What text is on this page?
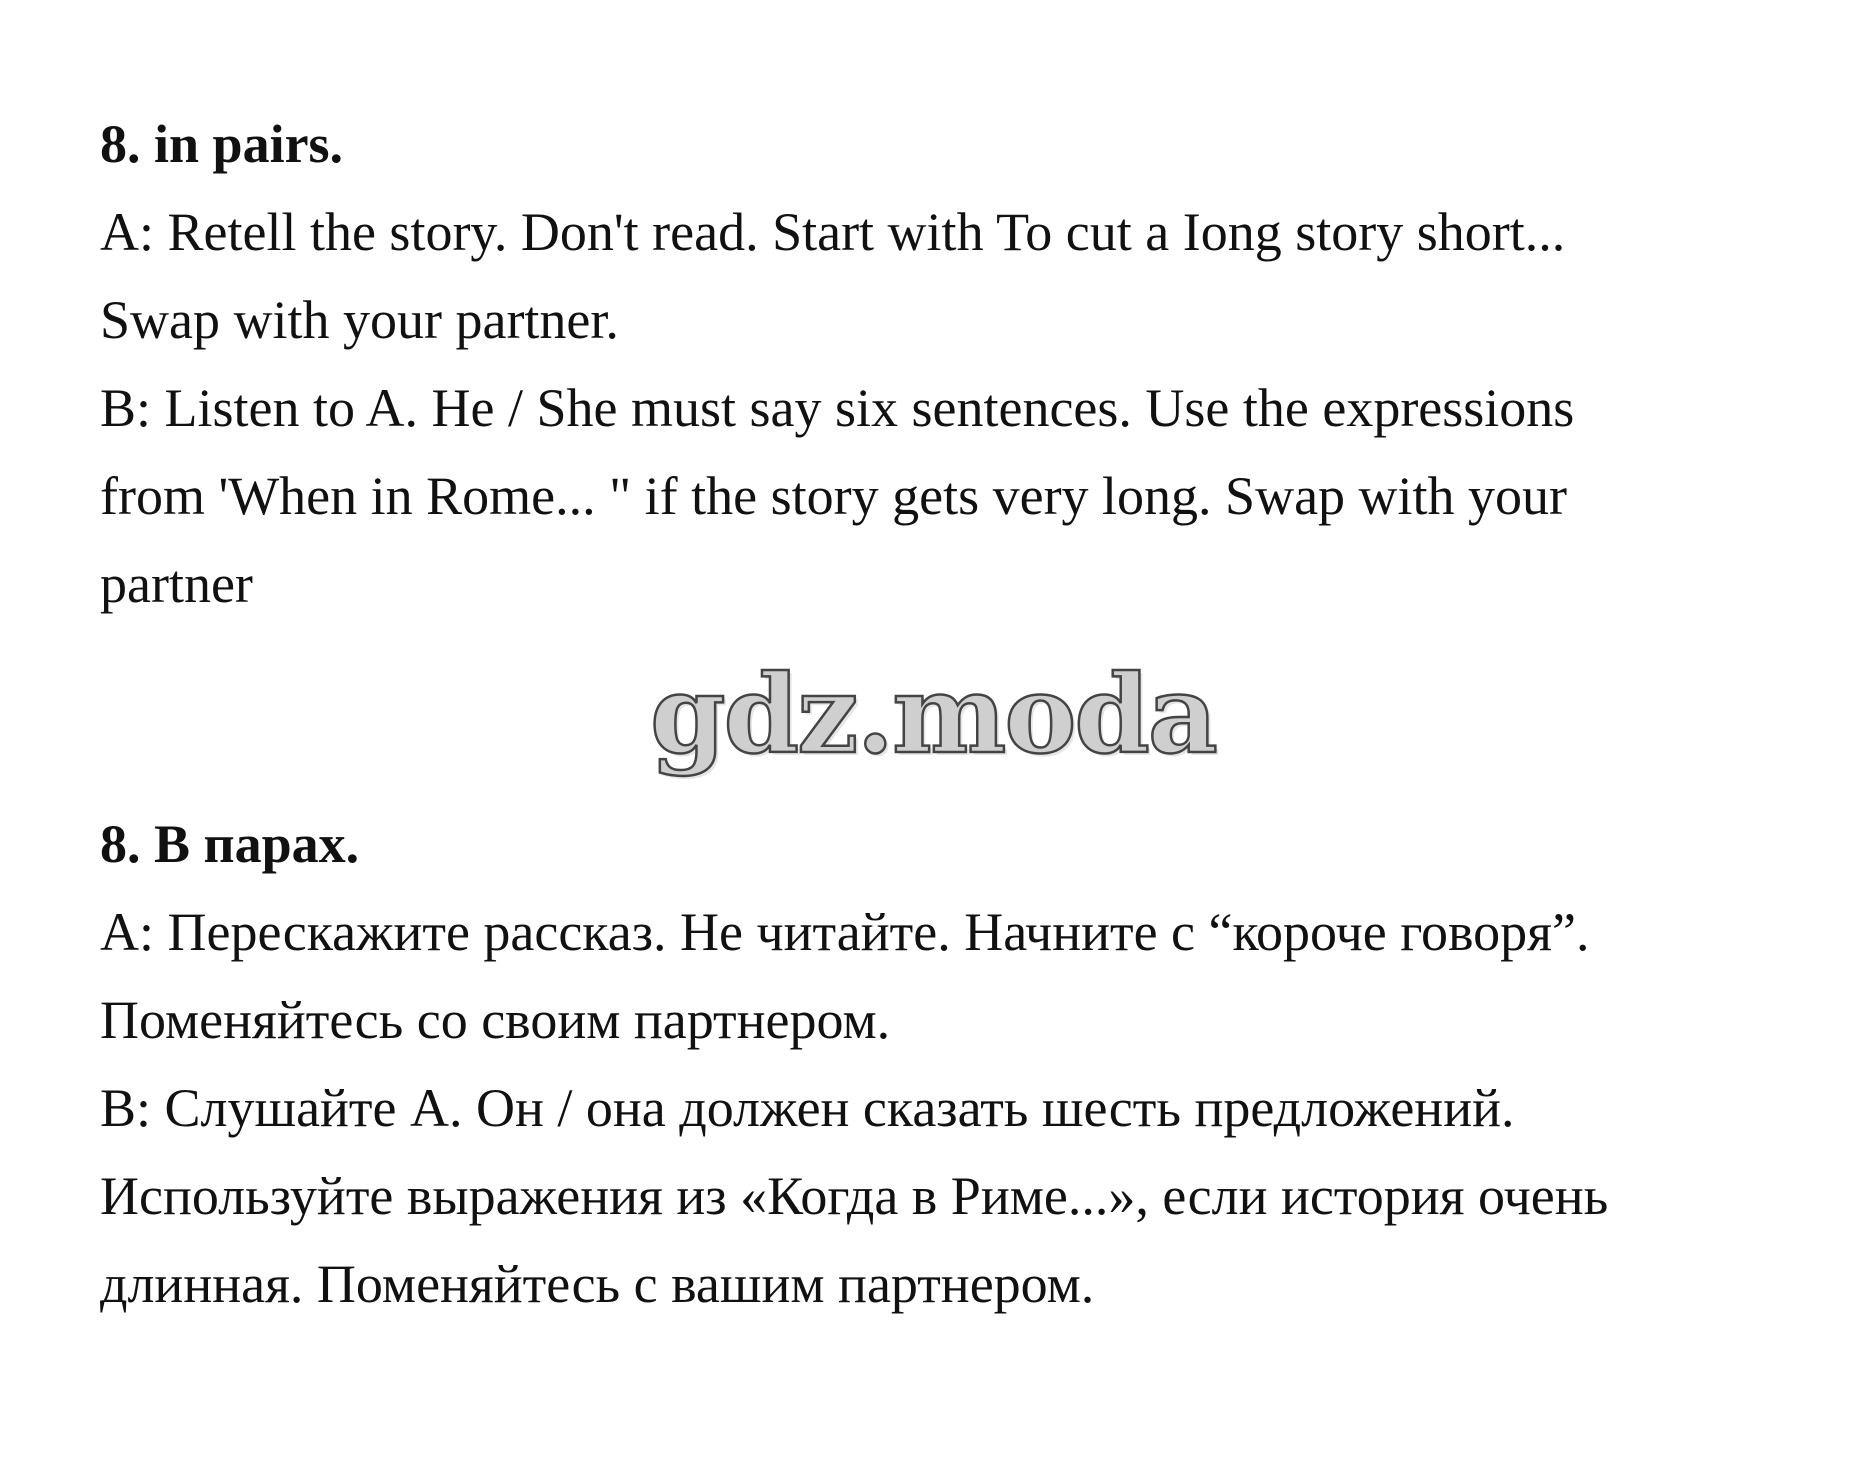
8. in pairs.
A: Retell the story. Don't read. Start with To cut a Iong story short...
Swap with your partner.
B: Listen to A. He / She must say six sentences. Use the expressions
from 'When in Rome... " if the story gets very long. Swap with your
partner
gdz.moda
8. В парах.
А: Перескажите рассказ. Не читайте. Начните с “короче говоря”.
Поменяйтесь со своим партнером.
В: Слушайте А. Он / она должен сказать шесть предложений.
Используйте выражения из «Когда в Риме...», если история очень
длинная. Поменяйтесь с вашим партнером.
